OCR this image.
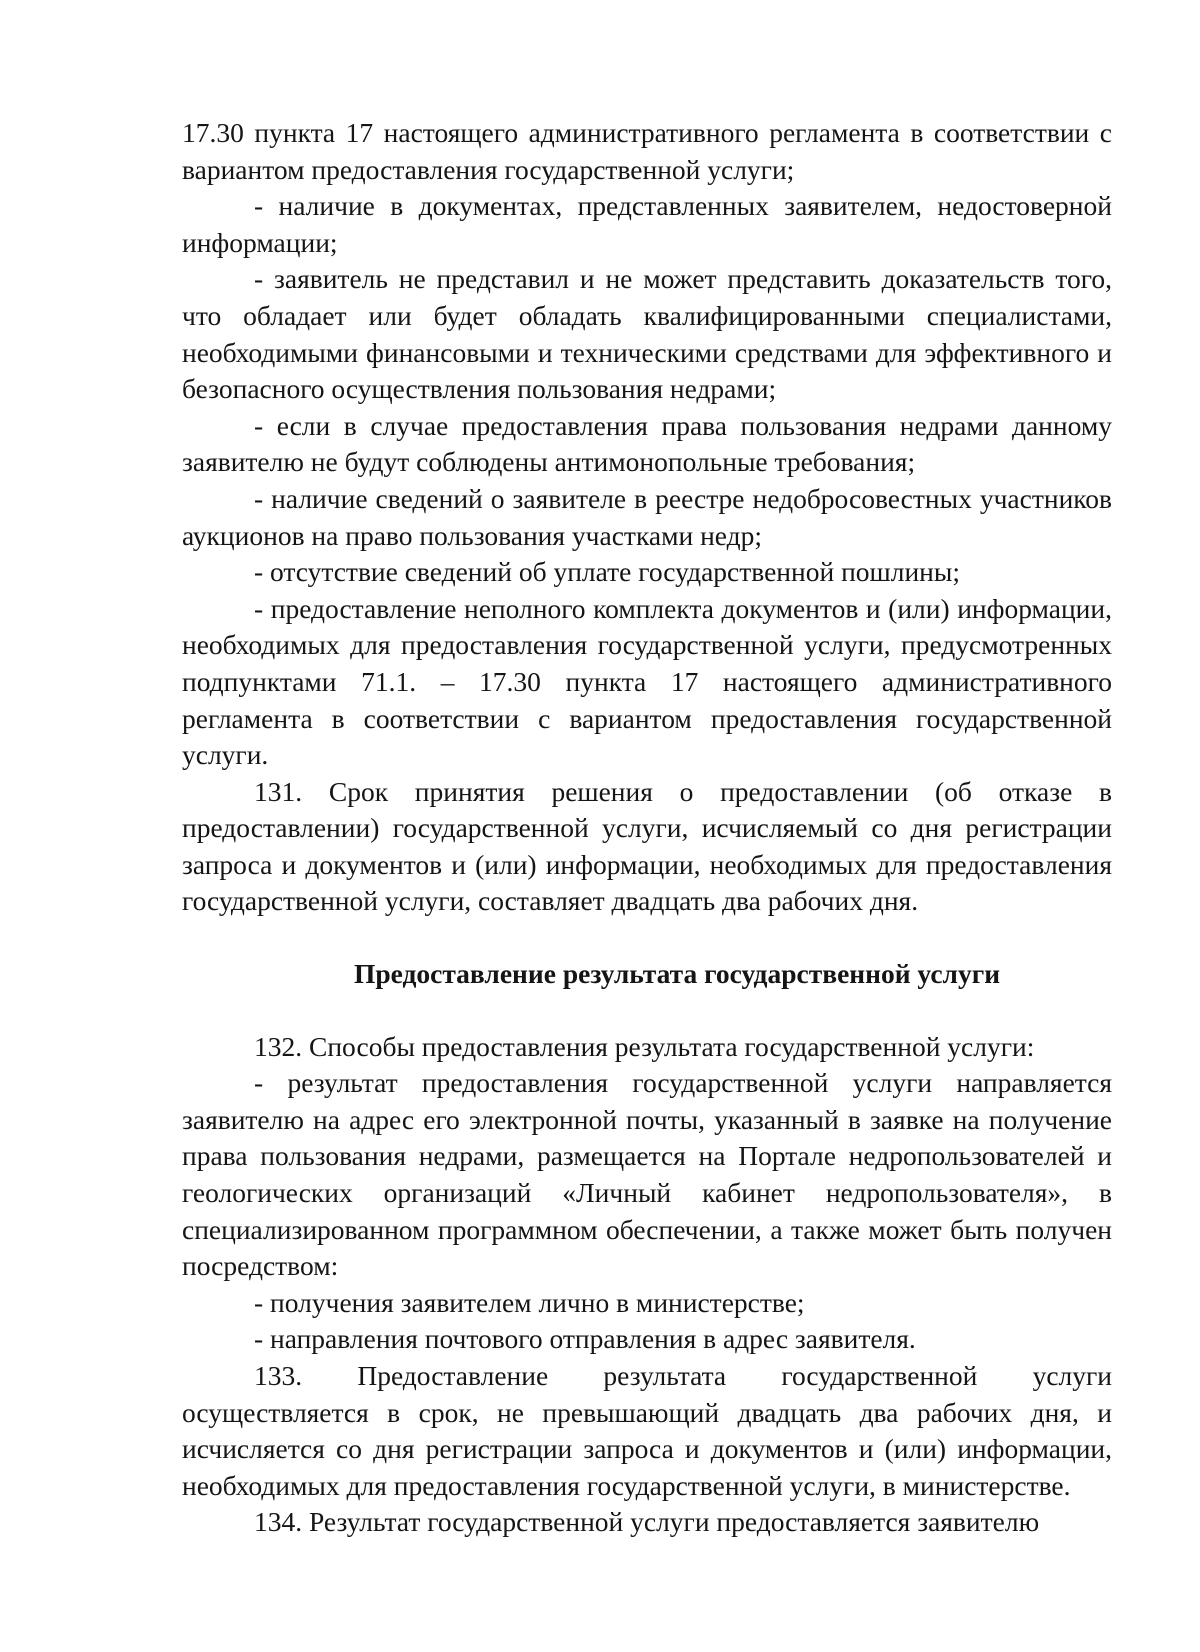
17.30 пункта 17 настоящего административного регламента в соответствии с вариантом предоставления государственной услуги;

- наличие в документах, представленных заявителем, недостоверной информации;

- заявитель не представил и не может представить доказательств того, что обладает или будет обладать квалифицированными специалистами, необходимыми финансовыми и техническими средствами для эффективного и безопасного осуществления пользования недрами;

- если в случае предоставления права пользования недрами данному заявителю не будут соблюдены антимонопольные требования;

- наличие сведений о заявителе в реестре недобросовестных участников аукционов на право пользования участками недр;

- отсутствие сведений об уплате государственной пошлины;

- предоставление неполного комплекта документов и (или) информации, необходимых для предоставления государственной услуги, предусмотренных подпунктами 71.1. – 17.30 пункта 17 настоящего административного регламента в соответствии с вариантом предоставления государственной услуги.

131. Срок принятия решения о предоставлении (об отказе в предоставлении) государственной услуги, исчисляемый со дня регистрации запроса и документов и (или) информации, необходимых для предоставления государственной услуги, составляет двадцать два рабочих дня.

Предоставление результата государственной услуги

132. Способы предоставления результата государственной услуги:

- результат предоставления государственной услуги направляется заявителю на адрес его электронной почты, указанный в заявке на получение права пользования недрами, размещается на Портале недропользователей и геологических организаций «Личный кабинет недропользователя», в специализированном программном обеспечении, а также может быть получен посредством:

- получения заявителем лично в министерстве;

- направления почтового отправления в адрес заявителя.

133. Предоставление результата государственной услуги осуществляется в срок, не превышающий двадцать два рабочих дня, и исчисляется со дня регистрации запроса и документов и (или) информации, необходимых для предоставления государственной услуги, в министерстве.

134. Результат государственной услуги предоставляется заявителю
